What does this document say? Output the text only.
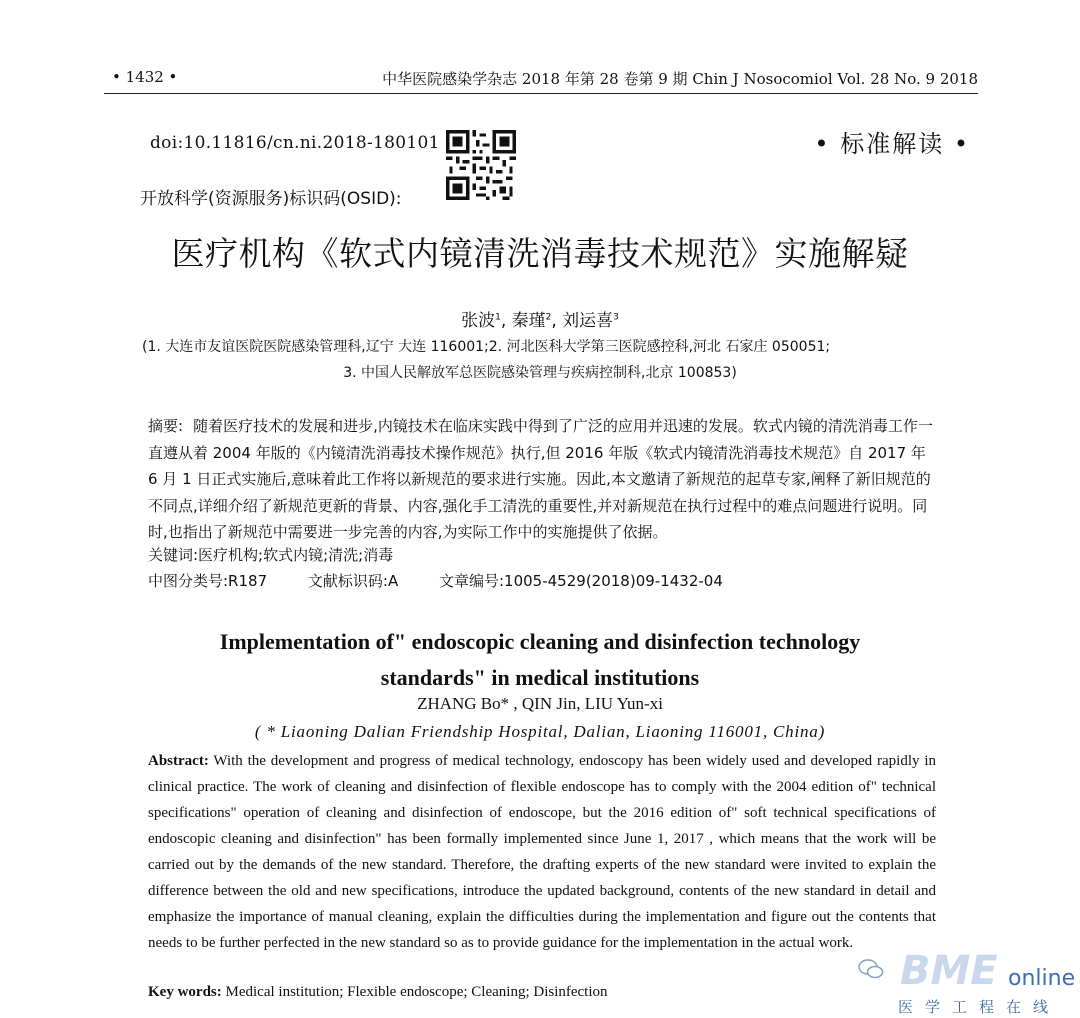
• 1432 •	中华医院感染学杂志 2018 年第 28 卷第 9 期 Chin J Nosocomiol Vol. 28 No. 9 2018
doi:10.11816/cn.ni.2018-180101
开放科学(资源服务)标识码(OSID):
• 标准解读 •
医疗机构《软式内镜清洗消毒技术规范》实施解疑
张波$^1$, 秦瑾$^2$, 刘运喜$^3$
(1. 大连市友谊医院医院感染管理科,辽宁 大连 116001;2. 河北医科大学第三医院感控科,河北 石家庄 050051;
3. 中国人民解放军总医院感染管理与疾病控制科,北京 100853)
摘要: 随着医疗技术的发展和进步,内镜技术在临床实践中得到了广泛的应用并迅速的发展。软式内镜的清洗消毒工作一直遵从着 2004 年版的《内镜清洗消毒技术操作规范》执行,但 2016 年版《软式内镜清洗消毒技术规范》自 2017 年 6 月 1 日正式实施后,意味着此工作将以新规范的要求进行实施。因此,本文邀请了新规范的起草专家,阐释了新旧规范的不同点,详细介绍了新规范更新的背景、内容,强化手工清洗的重要性,并对新规范在执行过程中的难点问题进行说明。同时,也指出了新规范中需要进一步完善的内容,为实际工作中的实施提供了依据。
关键词:医疗机构;软式内镜;清洗;消毒
中图分类号:R187	文献标识码:A	文章编号:1005-4529(2018)09-1432-04
Implementation of" endoscopic cleaning and disinfection technology
standards" in medical institutions
ZHANG Bo* , QIN Jin, LIU Yun-xi
( * Liaoning Dalian Friendship Hospital, Dalian, Liaoning 116001, China)
Abstract: With the development and progress of medical technology, endoscopy has been widely used and developed rapidly in clinical practice. The work of cleaning and disinfection of flexible endoscope has to comply with the 2004 edition of" technical specifications" operation of cleaning and disinfection of endoscope, but the 2016 edition of" soft technical specifications of endoscopic cleaning and disinfection" has been formally implemented since June 1, 2017 , which means that the work will be carried out by the demands of the new standard. Therefore, the drafting experts of the new standard were invited to explain the difference between the old and new specifications, introduce the updated background, contents of the new standard in detail and emphasize the importance of manual cleaning, explain the difficulties during the implementation and figure out the contents that needs to be further perfected in the new standard so as to provide guidance for the implementation in the actual work.
Key words: Medical institution; Flexible endoscope; Cleaning; Disinfection	BME online
医学工程在线
